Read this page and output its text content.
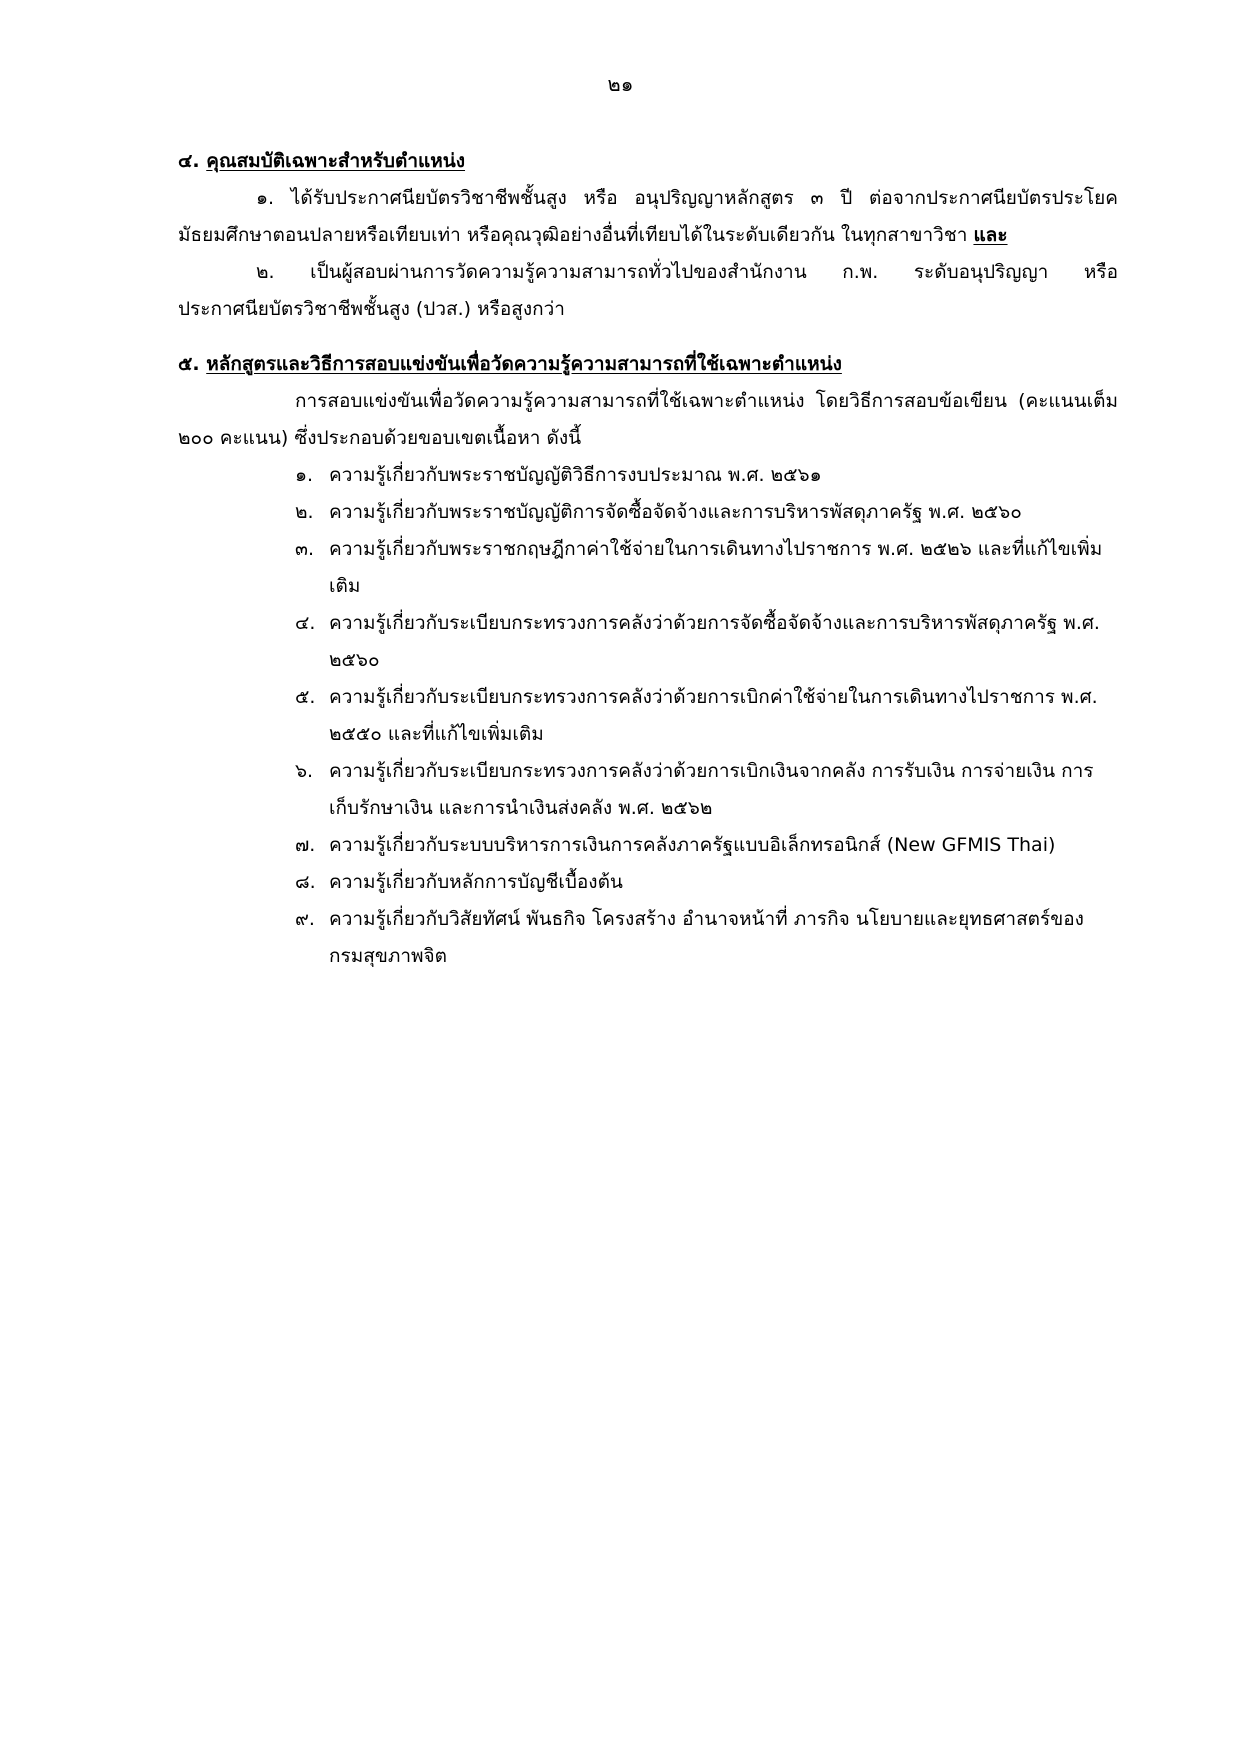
๒๑
๔. คุณสมบัติเฉพาะสำหรับตำแหน่ง

๑. ได้รับประกาศนียบัตรวิชาชีพชั้นสูง หรือ อนุปริญญาหลักสูตร ๓ ปี ต่อจากประกาศนียบัตรประโยคมัธยมศึกษาตอนปลายหรือเทียบเท่า หรือคุณวุฒิอย่างอื่นที่เทียบได้ในระดับเดียวกัน ในทุกสาขาวิชา และ

๒. เป็นผู้สอบผ่านการวัดความรู้ความสามารถทั่วไปของสำนักงาน ก.พ. ระดับอนุปริญญา หรือประกาศนียบัตรวิชาชีพชั้นสูง (ปวส.) หรือสูงกว่า

๕. หลักสูตรและวิธีการสอบแข่งขันเพื่อวัดความรู้ความสามารถที่ใช้เฉพาะตำแหน่ง

การสอบแข่งขันเพื่อวัดความรู้ความสามารถที่ใช้เฉพาะตำแหน่ง โดยวิธีการสอบข้อเขียน (คะแนนเต็ม ๒๐๐ คะแนน) ซึ่งประกอบด้วยขอบเขตเนื้อหา ดังนี้

๑. ความรู้เกี่ยวกับพระราชบัญญัติวิธีการงบประมาณ พ.ศ. ๒๕๖๑
๒. ความรู้เกี่ยวกับพระราชบัญญัติการจัดซื้อจัดจ้างและการบริหารพัสดุภาครัฐ พ.ศ. ๒๕๖๐
๓. ความรู้เกี่ยวกับพระราชกฤษฎีกาค่าใช้จ่ายในการเดินทางไปราชการ พ.ศ. ๒๕๒๖ และที่แก้ไขเพิ่มเติม
๔. ความรู้เกี่ยวกับระเบียบกระทรวงการคลังว่าด้วยการจัดซื้อจัดจ้างและการบริหารพัสดุภาครัฐ พ.ศ. ๒๕๖๐
๕. ความรู้เกี่ยวกับระเบียบกระทรวงการคลังว่าด้วยการเบิกค่าใช้จ่ายในการเดินทางไปราชการ พ.ศ. ๒๕๕๐ และที่แก้ไขเพิ่มเติม
๖. ความรู้เกี่ยวกับระเบียบกระทรวงการคลังว่าด้วยการเบิกเงินจากคลัง การรับเงิน การจ่ายเงิน การเก็บรักษาเงิน และการนำเงินส่งคลัง พ.ศ. ๒๕๖๒
๗. ความรู้เกี่ยวกับระบบบริหารการเงินการคลังภาครัฐแบบอิเล็กทรอนิกส์ (New GFMIS Thai)
๘. ความรู้เกี่ยวกับหลักการบัญชีเบื้องต้น
๙. ความรู้เกี่ยวกับวิสัยทัศน์ พันธกิจ โครงสร้าง อำนาจหน้าที่ ภารกิจ นโยบายและยุทธศาสตร์ของกรมสุขภาพจิต
